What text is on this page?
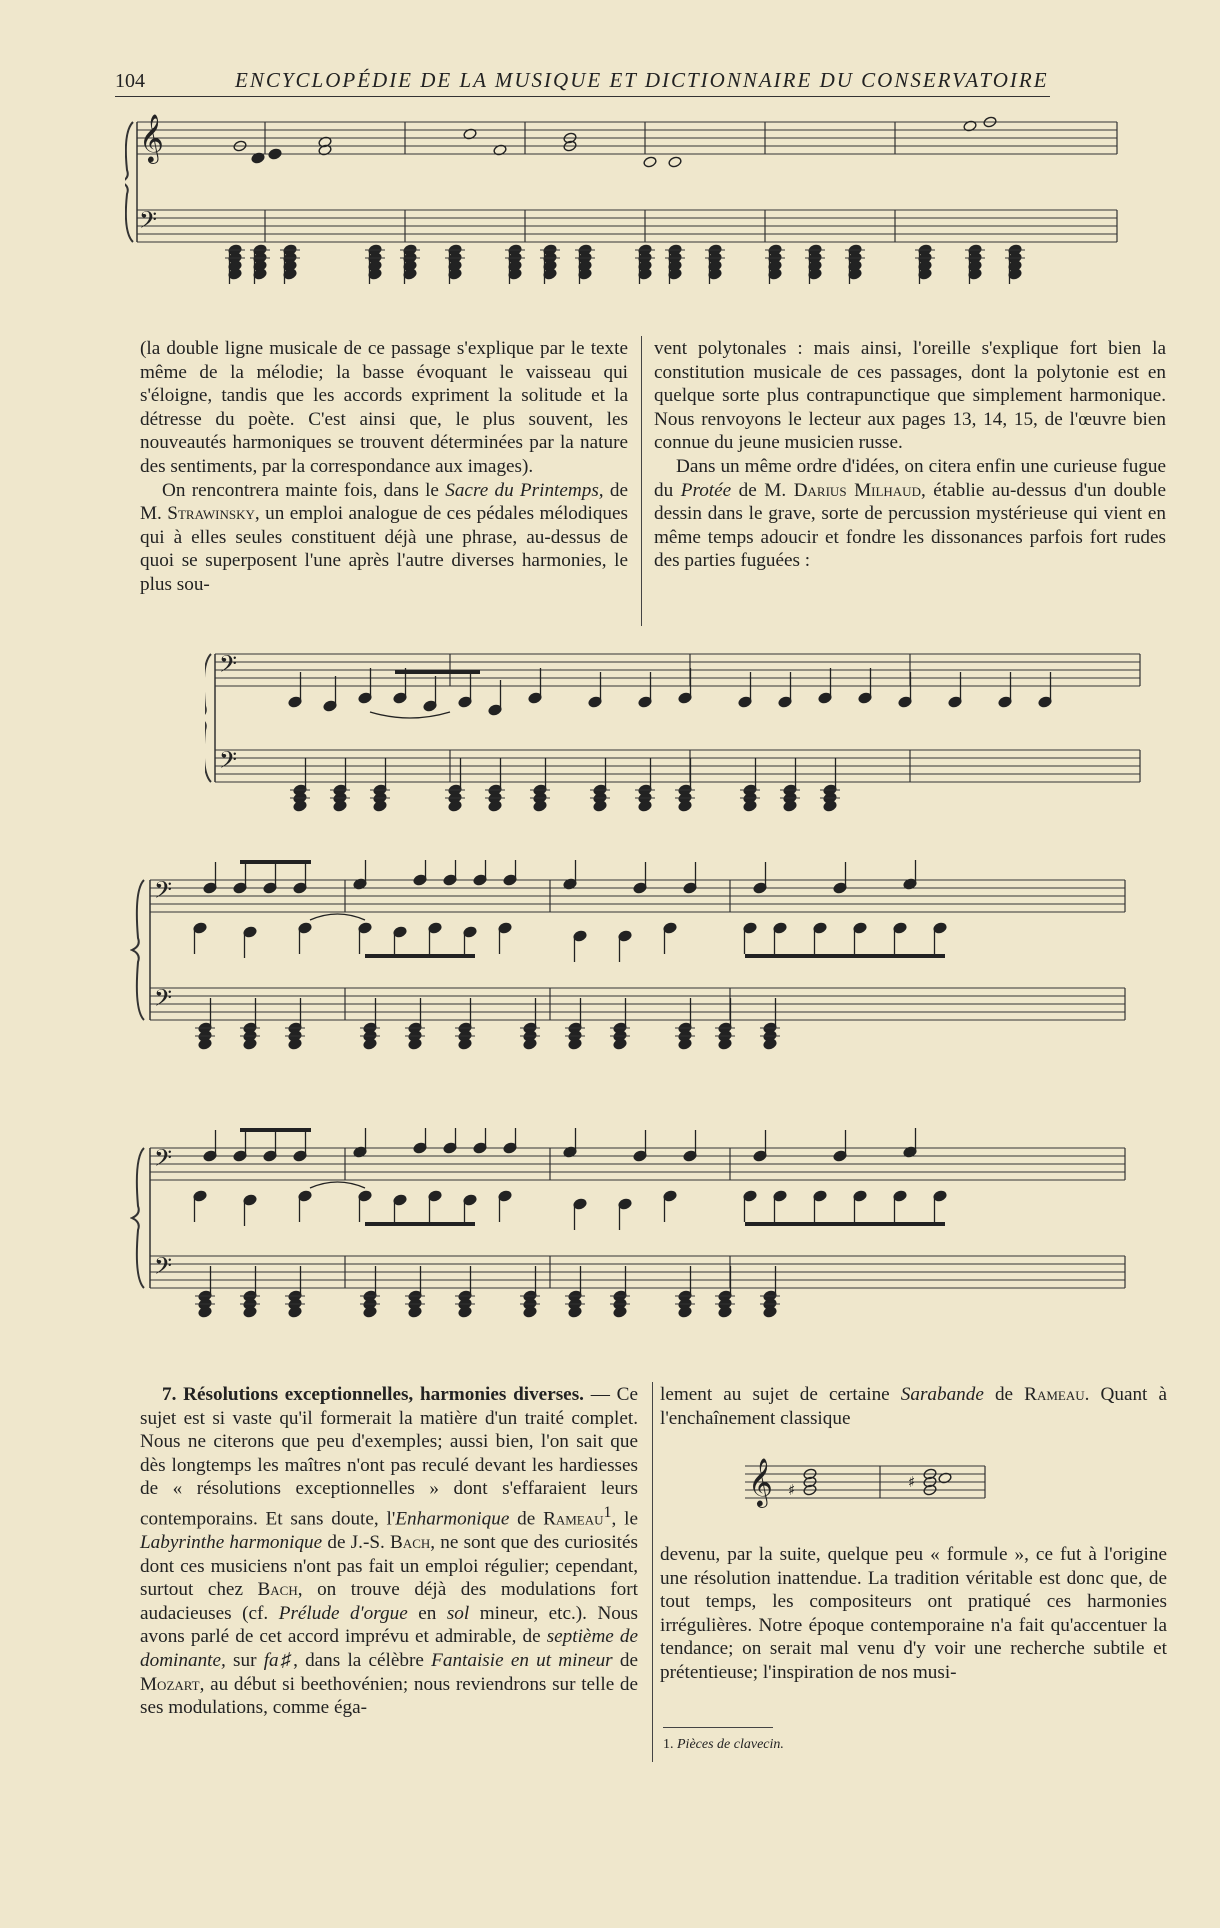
104	ENCYCLOPÉDIE DE LA MUSIQUE ET DICTIONNAIRE DU CONSERVATOIRE
𝄞
𝄢

(la double ligne musicale de ce passage s'explique par le texte même de la mélodie; la basse évoquant le vaisseau qui s'éloigne, tandis que les accords expriment la solitude et la détresse du poète. C'est ainsi que, le plus souvent, les nouveautés harmoniques se trouvent déterminées par la nature des sentiments, par la correspondance aux images).

On rencontrera mainte fois, dans le Sacre du Printemps, de M. Strawinsky, un emploi analogue de ces pédales mélodiques qui à elles seules constituent déjà une phrase, au-dessus de quoi se superposent l'une après l'autre diverses harmonies, le plus sou-

vent polytonales : mais ainsi, l'oreille s'explique fort bien la constitution musicale de ces passages, dont la polytonie est en quelque sorte plus contrapunctique que simplement harmonique. Nous renvoyons le lecteur aux pages 13, 14, 15, de l'œuvre bien connue du jeune musicien russe.

Dans un même ordre d'idées, on citera enfin une curieuse fugue du Protée de M. Darius Milhaud, établie au-dessus d'un double dessin dans le grave, sorte de percussion mystérieuse qui vient en même temps adoucir et fondre les dissonances parfois fort rudes des parties fuguées :

𝄢
𝄢
𝄢
𝄢
𝄢
𝄢

7. Résolutions exceptionnelles, harmonies diverses. — Ce sujet est si vaste qu'il formerait la matière d'un traité complet. Nous ne citerons que peu d'exemples; aussi bien, l'on sait que dès longtemps les maîtres n'ont pas reculé devant les hardiesses de « résolutions exceptionnelles » dont s'effaraient leurs contemporains. Et sans doute, l'Enharmonique de Rameau$^1$, le Labyrinthe harmonique de J.-S. Bach, ne sont que des curiosités dont ces musiciens n'ont pas fait un emploi régulier; cependant, surtout chez Bach, on trouve déjà des modulations fort audacieuses (cf. Prélude d'orgue en sol mineur, etc.). Nous avons parlé de cet accord imprévu et admirable, de septième de dominante, sur fa♯, dans la célèbre Fantaisie en ut mineur de Mozart, au début si beethovénien; nous reviendrons sur telle de ses modulations, comme éga-

lement au sujet de certaine Sarabande de Rameau. Quant à l'enchaînement classique

𝄞 ♯	♯

devenu, par la suite, quelque peu « formule », ce fut à l'origine une résolution inattendue. La tradition véritable est donc que, de tout temps, les compositeurs ont pratiqué ces harmonies irrégulières. Notre époque contemporaine n'a fait qu'accentuer la tendance; on serait mal venu d'y voir une recherche subtile et prétentieuse; l'inspiration de nos musi-

1. Pièces de clavecin.
